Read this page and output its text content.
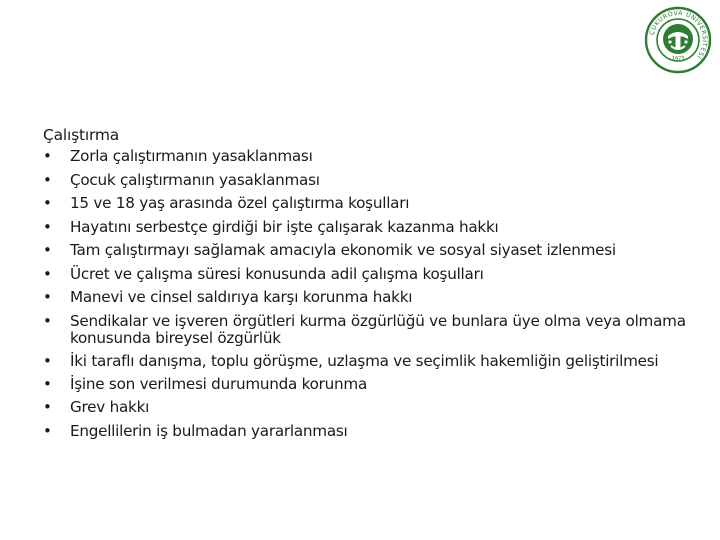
ÇUKUROVA ÜNİVERSİTESİ
1973

Çalıştırma

• Zorla çalıştırmanın yasaklanması
• Çocuk çalıştırmanın yasaklanması
• 15 ve 18 yaş arasında özel çalıştırma koşulları
• Hayatını serbestçe girdiği bir işte çalışarak kazanma hakkı
• Tam çalıştırmayı sağlamak amacıyla ekonomik ve sosyal siyaset izlenmesi
• Ücret ve çalışma süresi konusunda adil çalışma koşulları
• Manevi ve cinsel saldırıya karşı korunma hakkı
• Sendikalar ve işveren örgütleri kurma özgürlüğü ve bunlara üye olma veya olmama konusunda bireysel özgürlük
• İki taraflı danışma, toplu görüşme, uzlaşma ve seçimlik hakemliğin geliştirilmesi
• İşine son verilmesi durumunda korunma
• Grev hakkı
• Engellilerin iş bulmadan yararlanması
